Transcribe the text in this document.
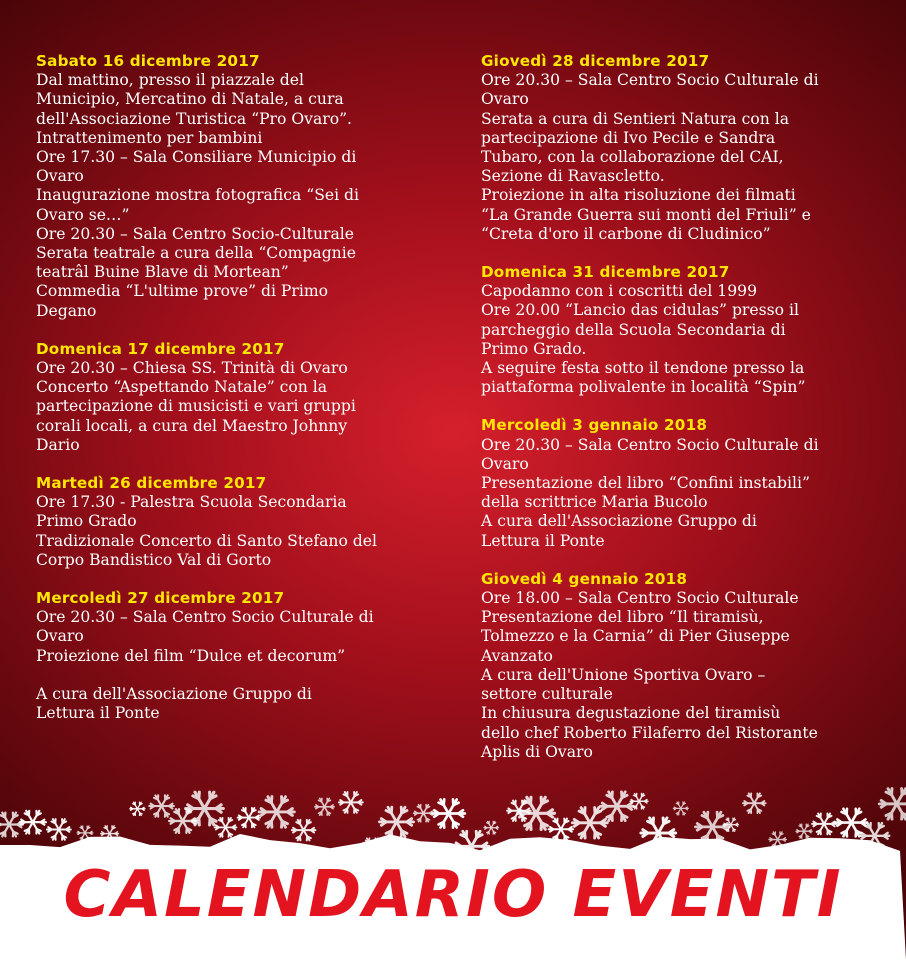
Sabato 16 dicembre 2017
Dal mattino, presso il piazzale del
Municipio, Mercatino di Natale, a cura
dell'Associazione Turistica “Pro Ovaro”.
Intrattenimento per bambini
Ore 17.30 – Sala Consiliare Municipio di
Ovaro
Inaugurazione mostra fotografica “Sei di
Ovaro se…”
Ore 20.30 – Sala Centro Socio-Culturale
Serata teatrale a cura della “Compagnie
teatrâl Buine Blave di Mortean”
Commedia “L'ultime prove” di Primo
Degano
Domenica 17 dicembre 2017
Ore 20.30 – Chiesa SS. Trinità di Ovaro
Concerto “Aspettando Natale” con la
partecipazione di musicisti e vari gruppi
corali locali, a cura del Maestro Johnny
Dario
Martedì 26 dicembre 2017
Ore 17.30 - Palestra Scuola Secondaria
Primo Grado
Tradizionale Concerto di Santo Stefano del
Corpo Bandistico Val di Gorto
Mercoledì 27 dicembre 2017
Ore 20.30 – Sala Centro Socio Culturale di
Ovaro
Proiezione del film “Dulce et decorum”
A cura dell'Associazione Gruppo di
Lettura il Ponte
Giovedì 28 dicembre 2017
Ore 20.30 – Sala Centro Socio Culturale di
Ovaro
Serata a cura di Sentieri Natura con la
partecipazione di Ivo Pecile e Sandra
Tubaro, con la collaborazione del CAI,
Sezione di Ravascletto.
Proiezione in alta risoluzione dei filmati
“La Grande Guerra sui monti del Friuli” e
“Creta d'oro il carbone di Cludinico”
Domenica 31 dicembre 2017
Capodanno con i coscritti del 1999
Ore 20.00 “Lancio das cidulas” presso il
parcheggio della Scuola Secondaria di
Primo Grado.
A seguire festa sotto il tendone presso la
piattaforma polivalente in località “Spin”
Mercoledì 3 gennaio 2018
Ore 20.30 – Sala Centro Socio Culturale di
Ovaro
Presentazione del libro “Confini instabili”
della scrittrice Maria Bucolo
A cura dell'Associazione Gruppo di
Lettura il Ponte
Giovedì 4 gennaio 2018
Ore 18.00 – Sala Centro Socio Culturale
Presentazione del libro “Il tiramisù,
Tolmezzo e la Carnia” di Pier Giuseppe
Avanzato
A cura dell'Unione Sportiva Ovaro –
settore culturale
In chiusura degustazione del tiramisù
dello chef Roberto Filaferro del Ristorante
Aplis di Ovaro
CALENDARIO EVENTI
